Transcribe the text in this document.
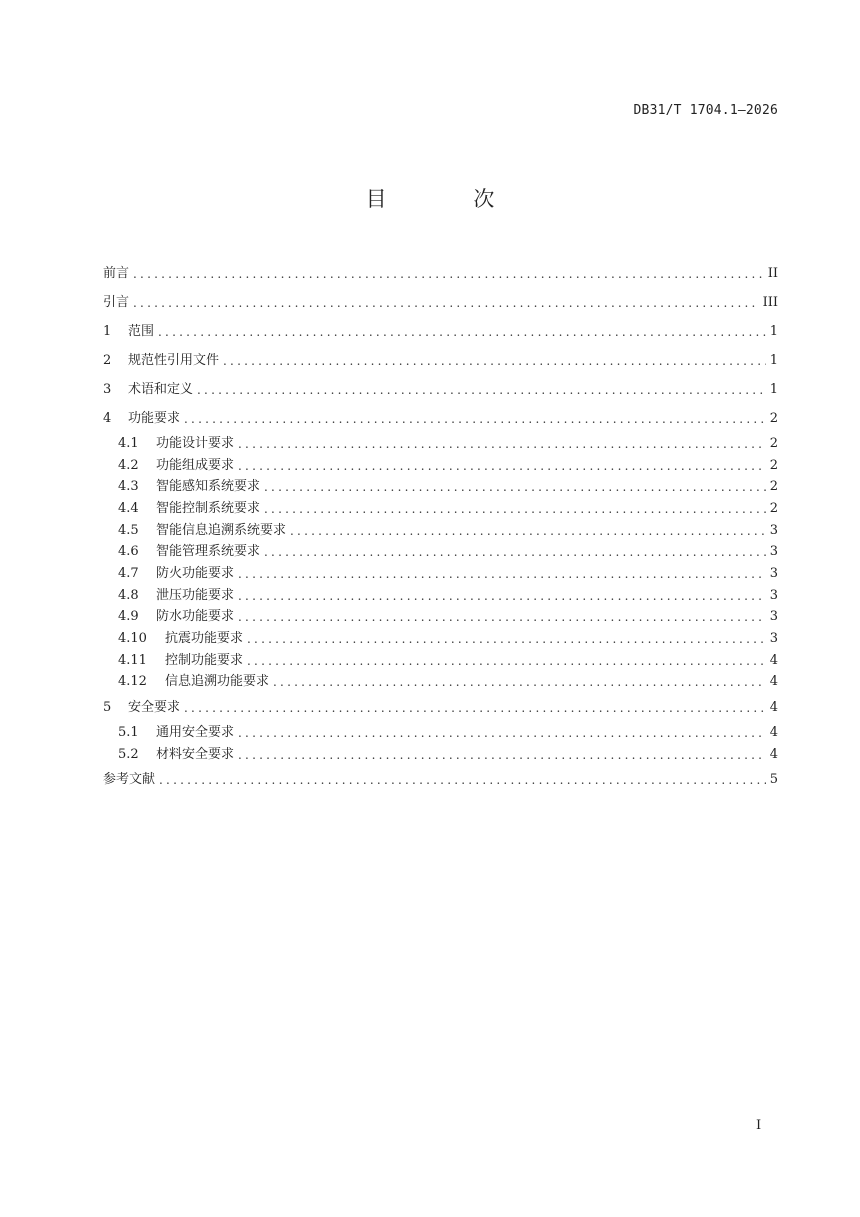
DB31/T 1704.1—2026
目 次
前言 . . .	II
引言 . . .	III
1	范围 . . .	1
2	规范性引用文件 . . .	1
3	术语和定义 . . .	1
4	功能要求 . . .	2
4.1	功能设计要求 . . .	2
4.2	功能组成要求 . . .	2
4.3	智能感知系统要求 . . .	2
4.4	智能控制系统要求 . . .	2
4.5	智能信息追溯系统要求 . . .	3
4.6	智能管理系统要求 . . .	3
4.7	防火功能要求 . . .	3
4.8	泄压功能要求 . . .	3
4.9	防水功能要求 . . .	3
4.10	抗震功能要求 . . .	3
4.11	控制功能要求 . . .	4
4.12	信息追溯功能要求 . . .	4
5	安全要求 . . .	4
5.1	通用安全要求 . . .	4
5.2	材料安全要求 . . .	4
参考文献 . . .	5
I
